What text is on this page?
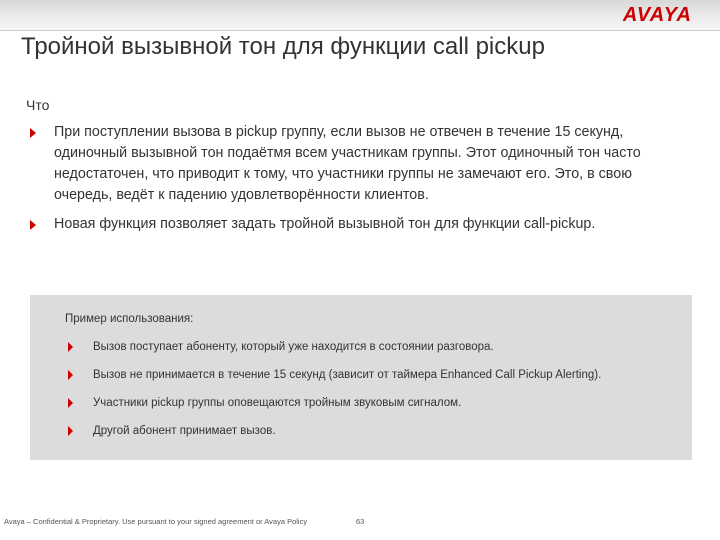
AVAYA
Тройной вызывной тон для функции call pickup
Что
При поступлении вызова в pickup группу, если вызов не отвечен в течение 15 секунд, одиночный вызывной тон подаётмя всем участникам группы. Этот одиночный тон часто недостаточен, что приводит к тому, что участники группы не замечают его. Это, в свою очередь, ведёт к падению удовлетворённости клиентов.
Новая функция позволяет задать тройной вызывной тон для функции call-pickup.
Пример использования:
Вызов поступает абоненту, который уже находится в состоянии разговора.
Вызов не принимается в течение 15 секунд (зависит от таймера Enhanced Call Pickup Alerting).
Участники pickup группы оповещаются тройным звуковым сигналом.
Другой абонент принимает вызов.
Avaya – Confidential & Proprietary. Use pursuant to your signed agreement or Avaya Policy	63
